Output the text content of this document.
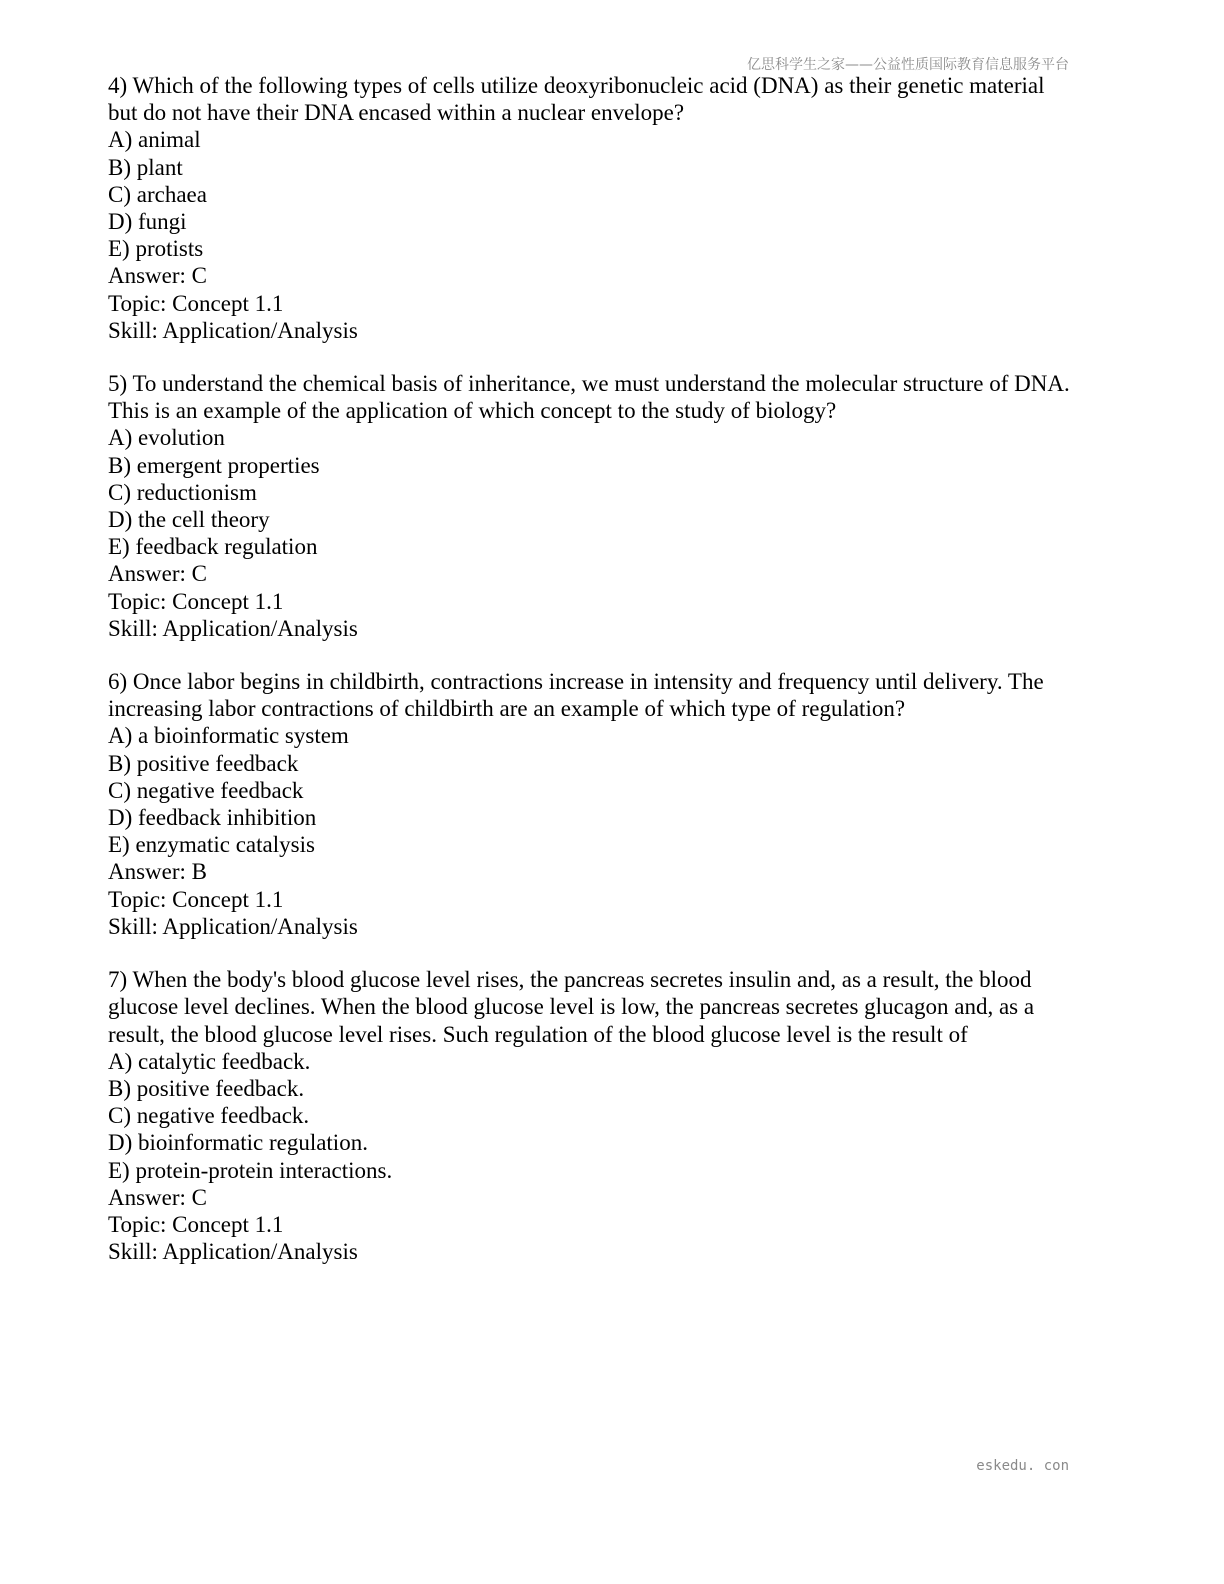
亿思科学生之家——公益性质国际教育信息服务平台
4) Which of the following types of cells utilize deoxyribonucleic acid (DNA) as their genetic material
but do not have their DNA encased within a nuclear envelope?
A) animal
B) plant
C) archaea
D) fungi
E) protists
Answer: C
Topic: Concept 1.1
Skill: Application/Analysis
5) To understand the chemical basis of inheritance, we must understand the molecular structure of DNA.
This is an example of the application of which concept to the study of biology?
A) evolution
B) emergent properties
C) reductionism
D) the cell theory
E) feedback regulation
Answer: C
Topic: Concept 1.1
Skill: Application/Analysis
6) Once labor begins in childbirth, contractions increase in intensity and frequency until delivery. The
increasing labor contractions of childbirth are an example of which type of regulation?
A) a bioinformatic system
B) positive feedback
C) negative feedback
D) feedback inhibition
E) enzymatic catalysis
Answer: B
Topic: Concept 1.1
Skill: Application/Analysis
7) When the body's blood glucose level rises, the pancreas secretes insulin and, as a result, the blood
glucose level declines. When the blood glucose level is low, the pancreas secretes glucagon and, as a
result, the blood glucose level rises. Such regulation of the blood glucose level is the result of
A) catalytic feedback.
B) positive feedback.
C) negative feedback.
D) bioinformatic regulation.
E) protein-protein interactions.
Answer: C
Topic: Concept 1.1
Skill: Application/Analysis
eskedu. con
